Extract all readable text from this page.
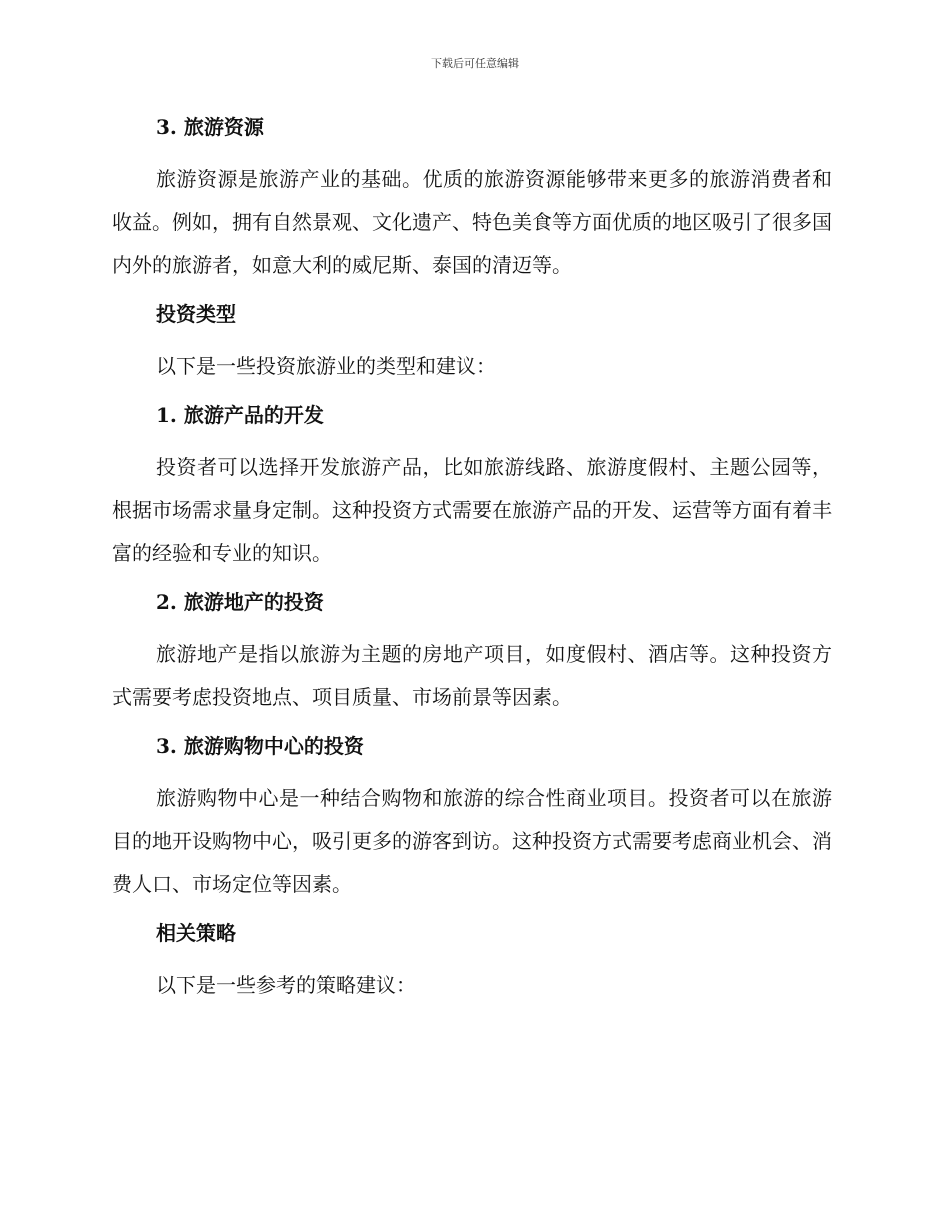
下载后可任意编辑
3. 旅游资源

旅游资源是旅游产业的基础。优质的旅游资源能够带来更多的旅游消费者和收益。例如，拥有自然景观、文化遗产、特色美食等方面优质的地区吸引了很多国内外的旅游者，如意大利的威尼斯、泰国的清迈等。

投资类型

以下是一些投资旅游业的类型和建议：

1. 旅游产品的开发

投资者可以选择开发旅游产品，比如旅游线路、旅游度假村、主题公园等，根据市场需求量身定制。这种投资方式需要在旅游产品的开发、运营等方面有着丰富的经验和专业的知识。

2. 旅游地产的投资

旅游地产是指以旅游为主题的房地产项目，如度假村、酒店等。这种投资方式需要考虑投资地点、项目质量、市场前景等因素。

3. 旅游购物中心的投资

旅游购物中心是一种结合购物和旅游的综合性商业项目。投资者可以在旅游目的地开设购物中心，吸引更多的游客到访。这种投资方式需要考虑商业机会、消费人口、市场定位等因素。

相关策略

以下是一些参考的策略建议：
